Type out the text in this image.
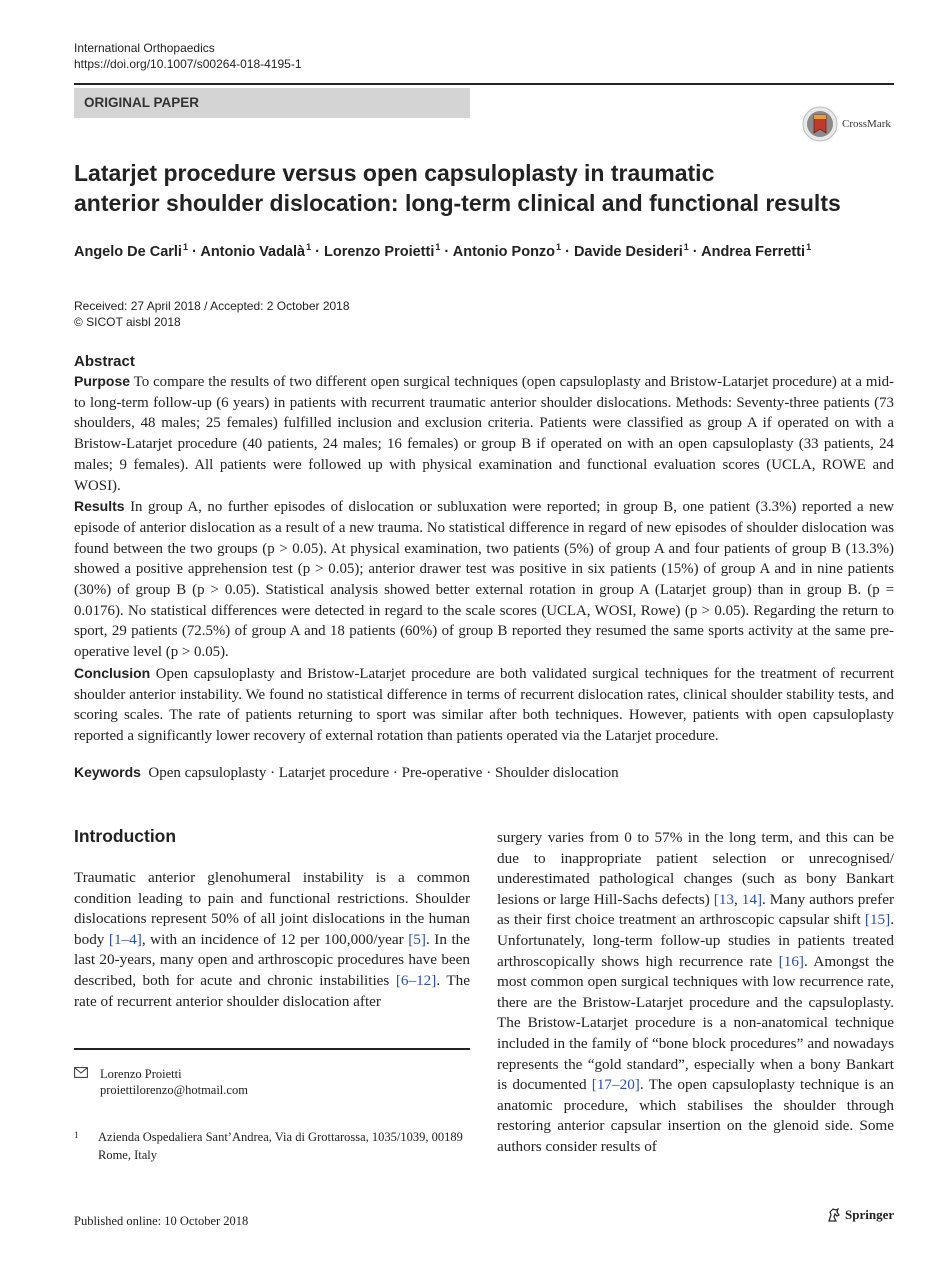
International Orthopaedics
https://doi.org/10.1007/s00264-018-4195-1
ORIGINAL PAPER
CrossMark
Latarjet procedure versus open capsuloplasty in traumatic
anterior shoulder dislocation: long-term clinical and functional results
Angelo De Carli$^1$ · Antonio Vadalà$^1$ · Lorenzo Proietti$^1$ · Antonio Ponzo$^1$ · Davide Desideri$^1$ · Andrea Ferretti$^1$
Received: 27 April 2018 / Accepted: 2 October 2018
© SICOT aisbl 2018
Abstract

Purpose To compare the results of two different open surgical techniques (open capsuloplasty and Bristow-Latarjet procedure) at a mid- to long-term follow-up (6 years) in patients with recurrent traumatic anterior shoulder dislocations. Methods: Seventy-three patients (73 shoulders, 48 males; 25 females) fulfilled inclusion and exclusion criteria. Patients were classified as group A if operated on with a Bristow-Latarjet procedure (40 patients, 24 males; 16 females) or group B if operated on with an open capsuloplasty (33 patients, 24 males; 9 females). All patients were followed up with physical examination and functional evaluation scores (UCLA, ROWE and WOSI).

Results In group A, no further episodes of dislocation or subluxation were reported; in group B, one patient (3.3%) reported a new episode of anterior dislocation as a result of a new trauma. No statistical difference in regard of new episodes of shoulder dislocation was found between the two groups (p > 0.05). At physical examination, two patients (5%) of group A and four patients of group B (13.3%) showed a positive apprehension test (p > 0.05); anterior drawer test was positive in six patients (15%) of group A and in nine patients (30%) of group B (p > 0.05). Statistical analysis showed better external rotation in group A (Latarjet group) than in group B. (p = 0.0176). No statistical differences were detected in regard to the scale scores (UCLA, WOSI, Rowe) (p > 0.05). Regarding the return to sport, 29 patients (72.5%) of group A and 18 patients (60%) of group B reported they resumed the same sports activity at the same pre-operative level (p > 0.05).

Conclusion Open capsuloplasty and Bristow-Latarjet procedure are both validated surgical techniques for the treatment of recurrent shoulder anterior instability. We found no statistical difference in terms of recurrent dislocation rates, clinical shoulder stability tests, and scoring scales. The rate of patients returning to sport was similar after both techniques. However, patients with open capsuloplasty reported a significantly lower recovery of external rotation than patients operated via the Latarjet procedure.

Keywords Open capsuloplasty · Latarjet procedure · Pre-operative · Shoulder dislocation
Introduction

Traumatic anterior glenohumeral instability is a common condition leading to pain and functional restrictions. Shoulder dislocations represent 50% of all joint dislocations in the human body [1–4], with an incidence of 12 per 100,000/year [5]. In the last 20-years, many open and arthroscopic procedures have been described, both for acute and chronic instabilities [6–12]. The rate of recurrent anterior shoulder dislocation after

surgery varies from 0 to 57% in the long term, and this can be due to inappropriate patient selection or unrecognised/ underestimated pathological changes (such as bony Bankart lesions or large Hill-Sachs defects) [13, 14]. Many authors prefer as their first choice treatment an arthroscopic capsular shift [15]. Unfortunately, long-term follow-up studies in patients treated arthroscopically shows high recurrence rate [16]. Amongst the most common open surgical techniques with low recurrence rate, there are the Bristow-Latarjet procedure and the capsuloplasty. The Bristow-Latarjet procedure is a non-anatomical technique included in the family of “bone block procedures” and nowadays represents the “gold standard”, especially when a bony Bankart is documented [17–20]. The open capsuloplasty technique is an anatomic procedure, which stabilises the shoulder through restoring anterior capsular insertion on the glenoid side. Some authors consider results of

Lorenzo Proietti
proiettilorenzo@hotmail.com
1 Azienda Ospedaliera Sant’Andrea, Via di Grottarossa, 1035/1039, 00189 Rome, Italy
Published online: 10 October 2018	Springer
